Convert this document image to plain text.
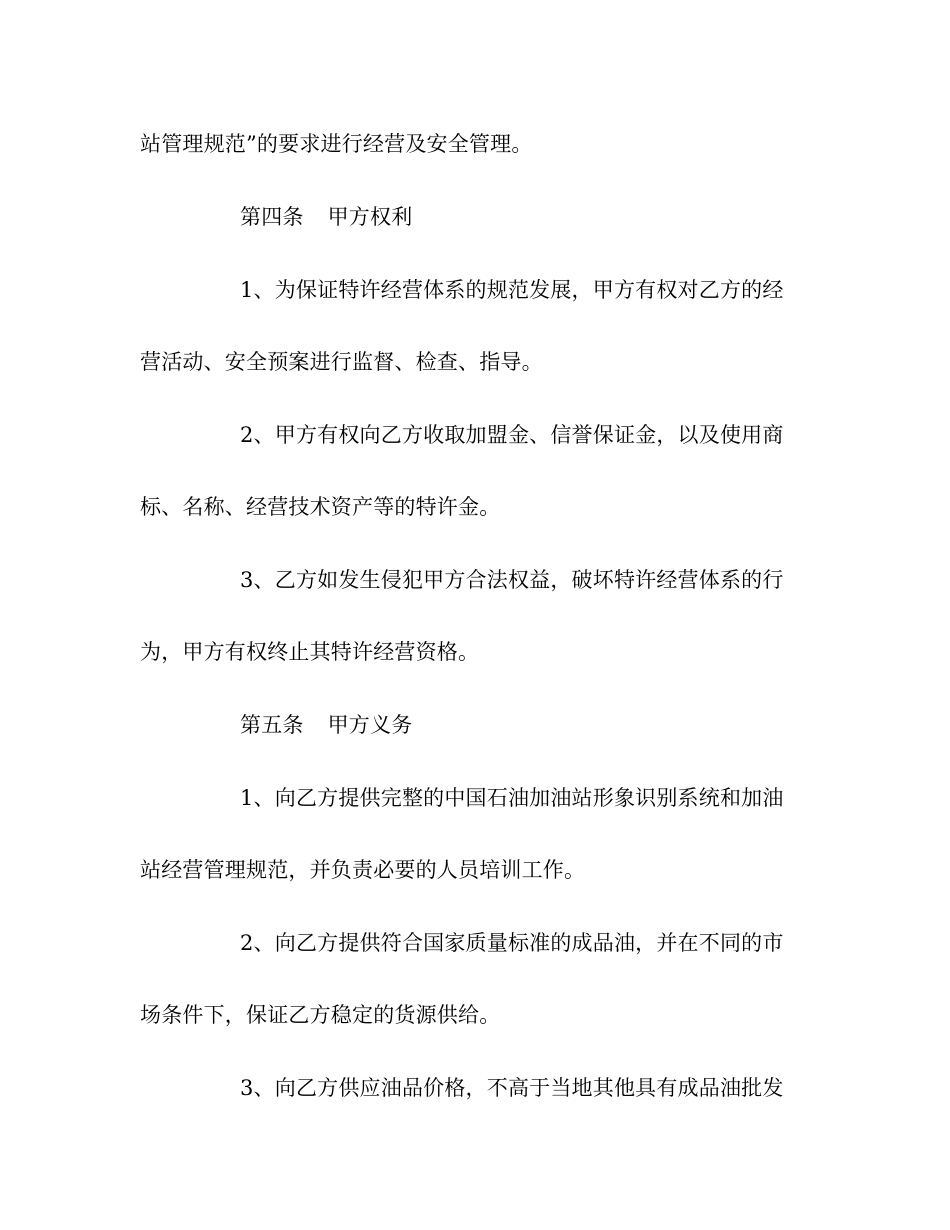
站管理规范”的要求进行经营及安全管理。
第四条 甲方权利
1、为保证特许经营体系的规范发展，甲方有权对乙方的经
营活动、安全预案进行监督、检查、指导。
2、甲方有权向乙方收取加盟金、信誉保证金，以及使用商
标、名称、经营技术资产等的特许金。
3、乙方如发生侵犯甲方合法权益，破坏特许经营体系的行
为，甲方有权终止其特许经营资格。
第五条 甲方义务
1、向乙方提供完整的中国石油加油站形象识别系统和加油
站经营管理规范，并负责必要的人员培训工作。
2、向乙方提供符合国家质量标准的成品油，并在不同的市
场条件下，保证乙方稳定的货源供给。
3、向乙方供应油品价格，不高于当地其他具有成品油批发
